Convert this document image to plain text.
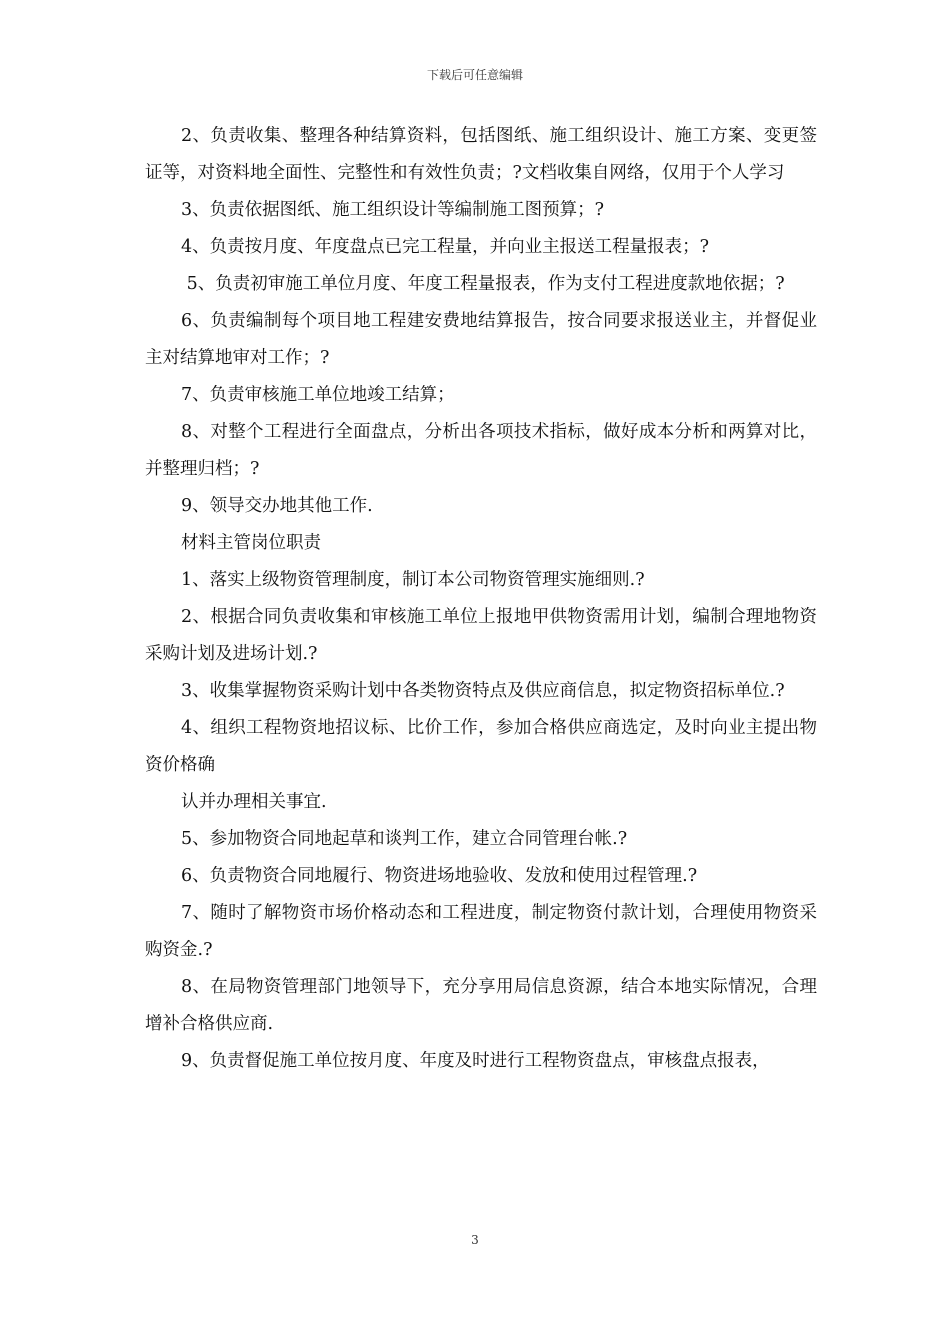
下载后可任意编辑

2、负责收集、整理各种结算资料，包括图纸、施工组织设计、施工方案、变更签证等，对资料地全面性、完整性和有效性负责；?文档收集自网络，仅用于个人学习

3、负责依据图纸、施工组织设计等编制施工图预算；?

4、负责按月度、年度盘点已完工程量，并向业主报送工程量报表；?

5、负责初审施工单位月度、年度工程量报表，作为支付工程进度款地依据；?

6、负责编制每个项目地工程建安费地结算报告，按合同要求报送业主，并督促业主对结算地审对工作；?

7、负责审核施工单位地竣工结算；

8、对整个工程进行全面盘点，分析出各项技术指标，做好成本分析和两算对比，并整理归档；?

9、领导交办地其他工作.

材料主管岗位职责

1、落实上级物资管理制度，制订本公司物资管理实施细则.?

2、根据合同负责收集和审核施工单位上报地甲供物资需用计划，编制合理地物资采购计划及进场计划.?

3、收集掌握物资采购计划中各类物资特点及供应商信息，拟定物资招标单位.?

4、组织工程物资地招议标、比价工作，参加合格供应商选定，及时向业主提出物资价格确

认并办理相关事宜.

5、参加物资合同地起草和谈判工作，建立合同管理台帐.?

6、负责物资合同地履行、物资进场地验收、发放和使用过程管理.?

7、随时了解物资市场价格动态和工程进度，制定物资付款计划，合理使用物资采购资金.?

8、在局物资管理部门地领导下，充分享用局信息资源，结合本地实际情况，合理增补合格供应商.

9、负责督促施工单位按月度、年度及时进行工程物资盘点，审核盘点报表，

3
